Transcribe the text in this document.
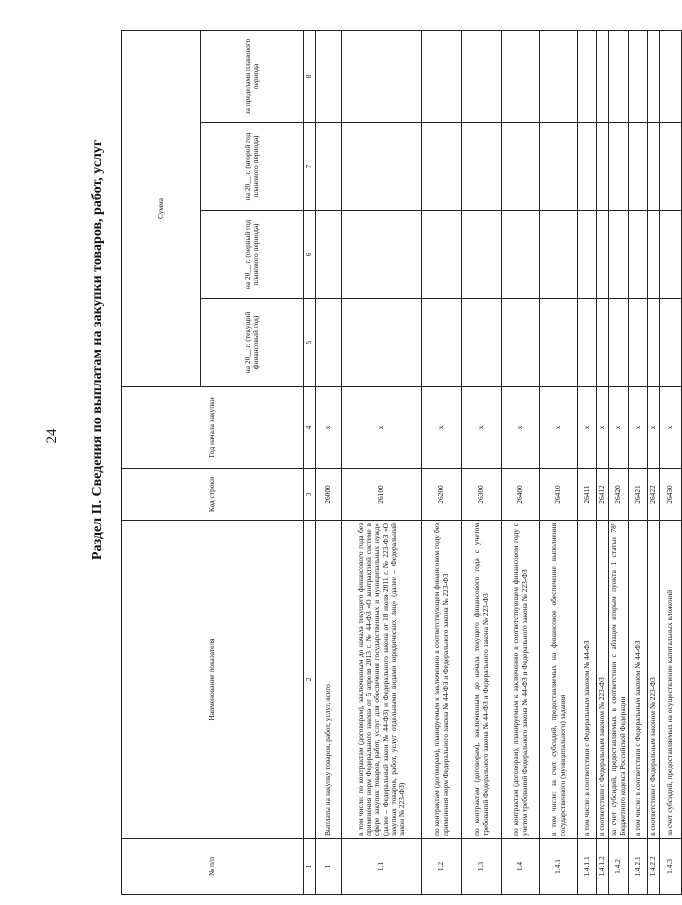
24 Раздел II. Сведения по выплатам на закупки товаров, работ, услуг
№ п/п	Наименование показателя	Код строки	Год начала закупки	Сумма			
				на 20__ г. (текущий финансовый год)	на 20__ г. (первый год планового периода)	на 20__ г. (второй год планового периода)	за пределами планового периода
1	2	3	4	5	6	7	8
1	Выплаты на закупку товаров, работ, услуг, всего	26000	x				
1.1	в том числе: по контрактам (договорам), заключенным до начала текущего финансового года без применения норм Федерального закона от 5 апреля 2013 г. № 44-ФЗ «О контрактной системе в сфере закупок товаров, работ, услуг для обеспечения государственных и муниципальных нужд» (далее – Федеральный закон № 44-ФЗ) и Федерального закона от 18 июля 2011 г. № 223-ФЗ «О закупках товаров, работ, услуг отдельными видами юридических лиц» (далее – Федеральный закон № 223-ФЗ)	26100	x				
1.2	по контрактам (договорам), планируемым к заключению в соответствующем финансовом году без применения норм Федерального закона № 44-ФЗ и Федерального закона № 223-ФЗ	26200	x				
1.3	по контрактам (договорам), заключенным до начала текущего финансового года с учетом требований Федерального закона № 44-ФЗ и Федерального закона № 223-ФЗ	26300	x				
1.4	по контрактам (договорам), планируемым к заключению в соответствующем финансовом году с учетом требований Федерального закона № 44-ФЗ и Федерального закона № 223-ФЗ	26400	x				
1.4.1	в том числе: за счет субсидий, предоставляемых на финансовое обеспечение выполнения государственного (муниципального) задания	26410	x				
1.4.1.1	в том числе: в соответствии с Федеральным законом № 44-ФЗ	26411	x				
1.4.1.2	в соответствии с Федеральным законом № 223-ФЗ	26412	x				
1.4.2	за счет субсидий, предоставляемых в соответствии с абзацем вторым пункта 1 статьи 78¹ Бюджетного кодекса Российской Федерации	26420	x				
1.4.2.1	в том числе: в соответствии с Федеральным законом № 44-ФЗ	26421	x				
1.4.2.2	в соответствии с Федеральным законом № 223-ФЗ	26422	x				
1.4.3	за счет субсидий, предоставляемых на осуществление капитальных вложений	26430	x				
